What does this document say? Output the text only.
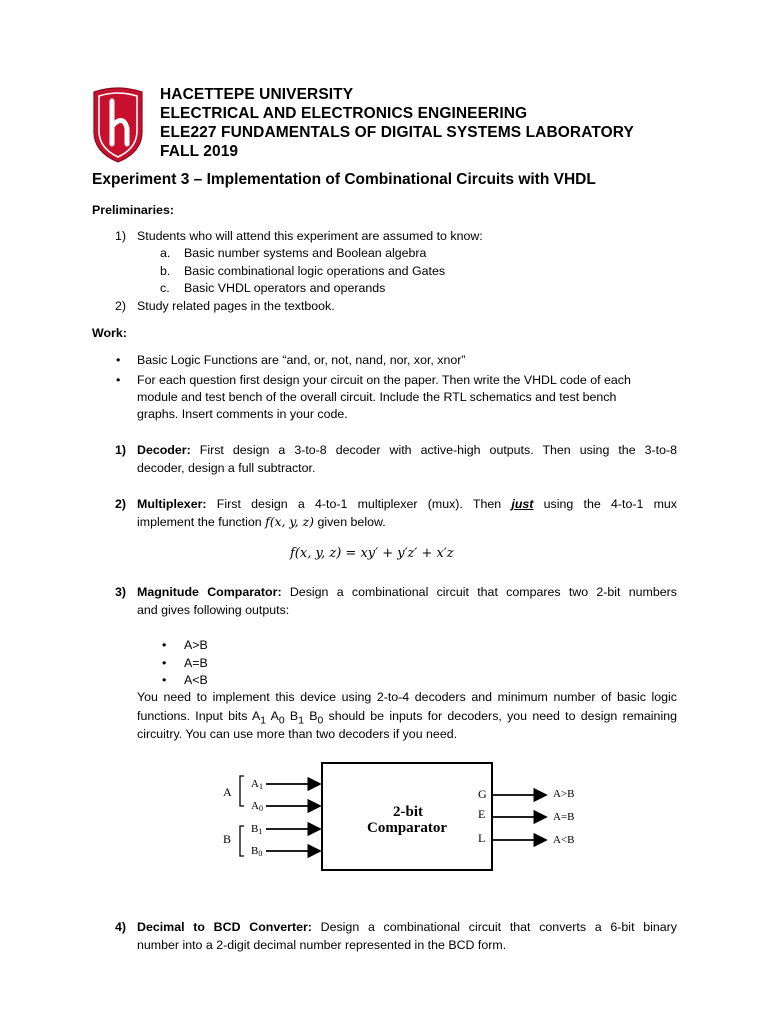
HACETTEPE UNIVERSITY
ELECTRICAL AND ELECTRONICS ENGINEERING
ELE227 FUNDAMENTALS OF DIGITAL SYSTEMS LABORATORY
FALL 2019
Experiment 3 – Implementation of Combinational Circuits with VHDL
Preliminaries:
1) Students who will attend this experiment are assumed to know:
a. Basic number systems and Boolean algebra
b. Basic combinational logic operations and Gates
c. Basic VHDL operators and operands
2) Study related pages in the textbook.
Work:
• Basic Logic Functions are “and, or, not, nand, nor, xor, xnor”
• For each question first design your circuit on the paper. Then write the VHDL code of each
module and test bench of the overall circuit. Include the RTL schematics and test bench
graphs. Insert comments in your code.
1) Decoder: First design a 3-to-8 decoder with active-high outputs. Then using the 3-to-8
decoder, design a full subtractor.
2) Multiplexer: First design a 4-to-1 multiplexer (mux). Then just using the 4-to-1 mux
implement the function f(x, y, z) given below.
f(x, y, z) = xy′ + y′z′ + x′z
3) Magnitude Comparator: Design a combinational circuit that compares two 2-bit numbers
and gives following outputs:
• A>B
• A=B
• A<B
You need to implement this device using 2-to-4 decoders and minimum number of basic logic
functions. Input bits $A_1$ $A_0$ $B_1$ $B_0$ should be inputs for decoders, you need to design remaining
circuitry. You can use more than two decoders if you need.
A
B
A1
A0
B1
B0
2-bit
Comparator
G
E
L
A>B
A=B
A<B
4) Decimal to BCD Converter: Design a combinational circuit that converts a 6-bit binary
number into a 2-digit decimal number represented in the BCD form.
